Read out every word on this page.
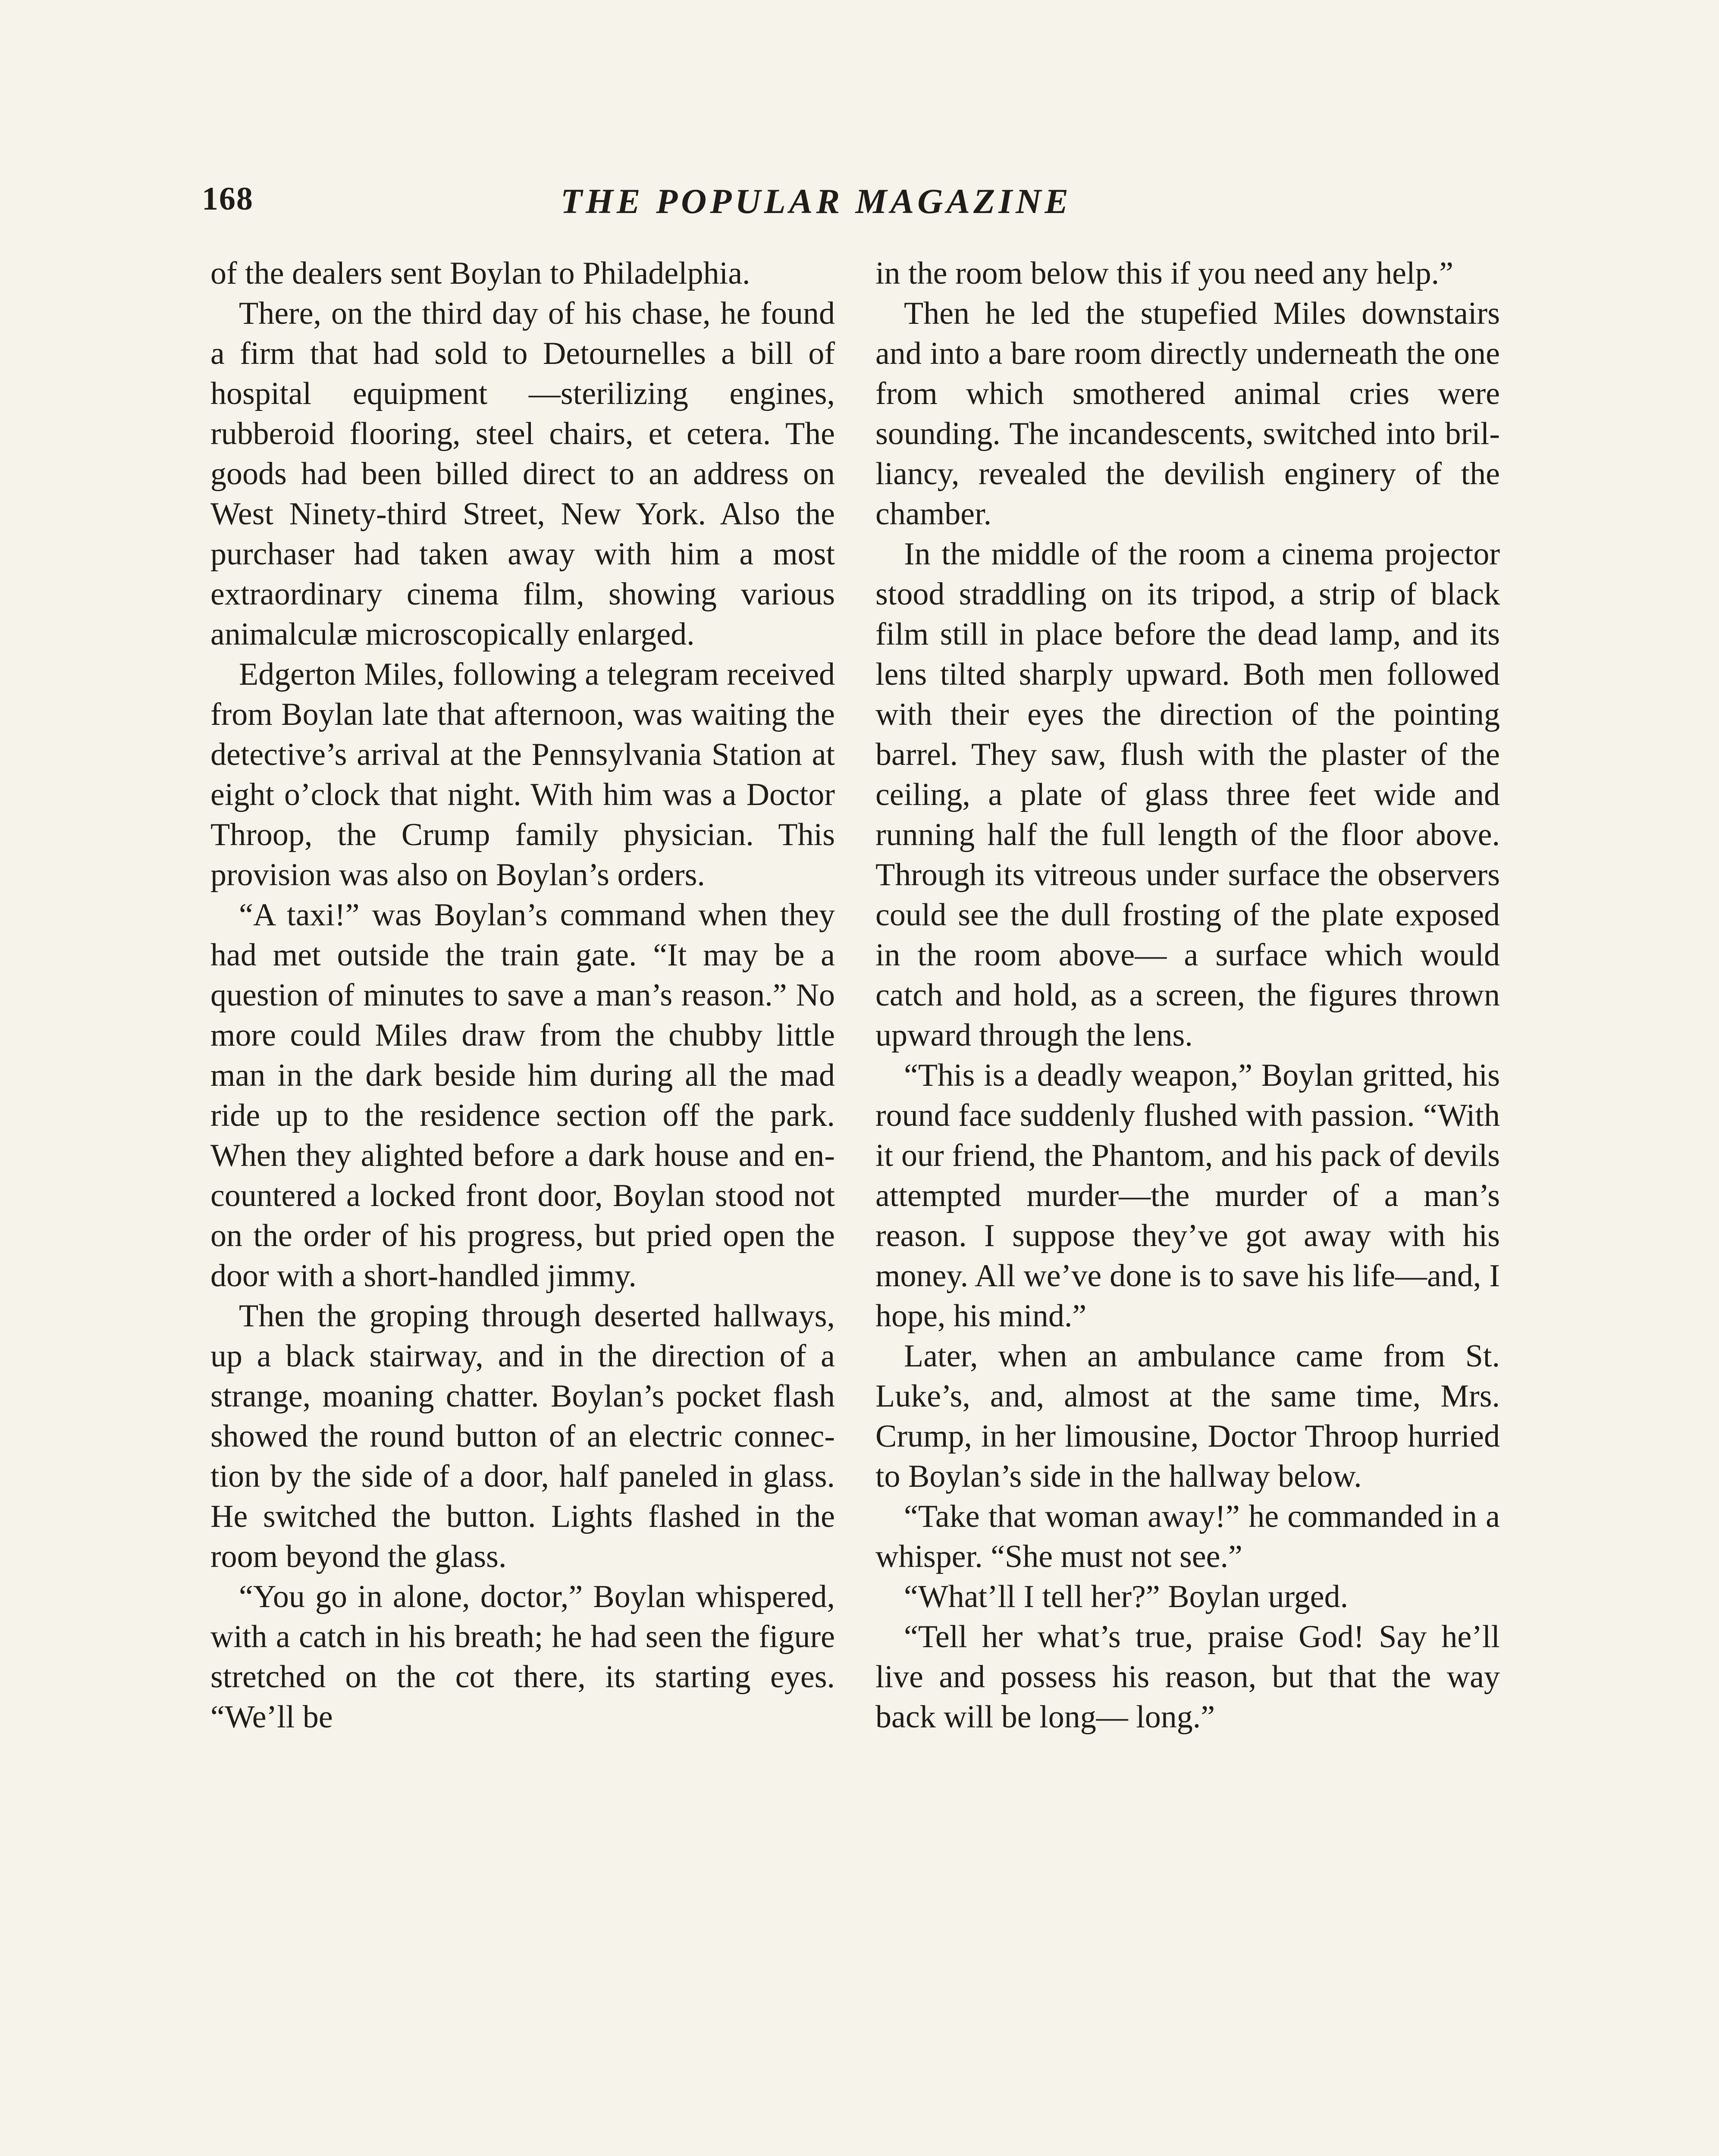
168	THE POPULAR MAGAZINE

of the dealers sent Boylan to Philadelphia.

There, on the third day of his chase, he found a firm that had sold to Detournelles a bill of hospital equipment —sterilizing engines, rubberoid flooring, steel chairs, et cetera. The goods had been billed direct to an address on West Ninety-third Street, New York. Also the purchaser had taken away with him a most extraordinary cinema film, showing various animalculæ microscopically enlarged.

Edgerton Miles, following a telegram received from Boylan late that afternoon, was waiting the detective’s arrival at the Pennsylvania Station at eight o’clock that night. With him was a Doctor Throop, the Crump family physician. This provision was also on Boylan’s orders.

“A taxi!” was Boylan’s command when they had met outside the train gate. “It may be a question of minutes to save a man’s reason.” No more could Miles draw from the chubby little man in the dark beside him during all the mad ride up to the residence section off the park. When they alighted before a dark house and encountered a locked front door, Boylan stood not on the order of his progress, but pried open the door with a short-handled jimmy.

Then the groping through deserted hallways, up a black stairway, and in the direction of a strange, moaning chatter. Boylan’s pocket flash showed the round button of an electric connection by the side of a door, half paneled in glass. He switched the button. Lights flashed in the room beyond the glass.

“You go in alone, doctor,” Boylan whispered, with a catch in his breath; he had seen the figure stretched on the cot there, its starting eyes. “We’ll be

in the room below this if you need any help.”

Then he led the stupefied Miles downstairs and into a bare room directly underneath the one from which smothered animal cries were sounding. The incandescents, switched into brilliancy, revealed the devilish enginery of the chamber.

In the middle of the room a cinema projector stood straddling on its tripod, a strip of black film still in place before the dead lamp, and its lens tilted sharply upward. Both men followed with their eyes the direction of the pointing barrel. They saw, flush with the plaster of the ceiling, a plate of glass three feet wide and running half the full length of the floor above. Through its vitreous under surface the observers could see the dull frosting of the plate exposed in the room above— a surface which would catch and hold, as a screen, the figures thrown upward through the lens.

“This is a deadly weapon,” Boylan gritted, his round face suddenly flushed with passion. “With it our friend, the Phantom, and his pack of devils attempted murder—the murder of a man’s reason. I suppose they’ve got away with his money. All we’ve done is to save his life—and, I hope, his mind.”

Later, when an ambulance came from St. Luke’s, and, almost at the same time, Mrs. Crump, in her limousine, Doctor Throop hurried to Boylan’s side in the hallway below.

“Take that woman away!” he commanded in a whisper. “She must not see.”

“What’ll I tell her?” Boylan urged.

“Tell her what’s true, praise God! Say he’ll live and possess his reason, but that the way back will be long— long.”
